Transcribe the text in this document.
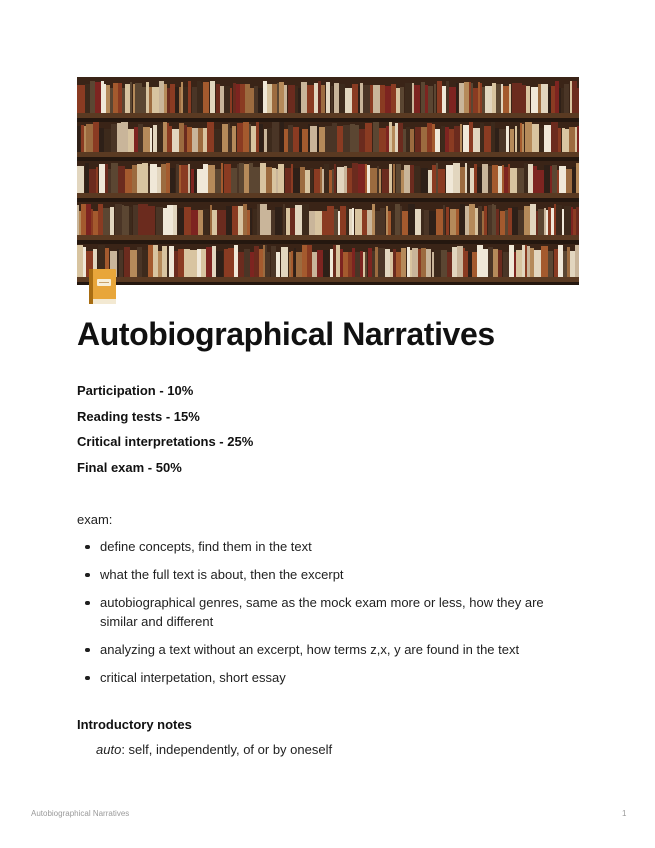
Autobiographical Narratives
Participation - 10%
Reading tests - 15%
Critical interpretations - 25%
Final exam - 50%

exam:

define concepts, find them in the text
what the full text is about, then the excerpt
autobiographical genres, same as the mock exam more or less, how they are similar and different
analyzing a text without an excerpt, how terms z,x, y are found in the text
critical interpetation, short essay

Introductory notes

auto: self, independently, of or by oneself

Autobiographical Narratives	1
